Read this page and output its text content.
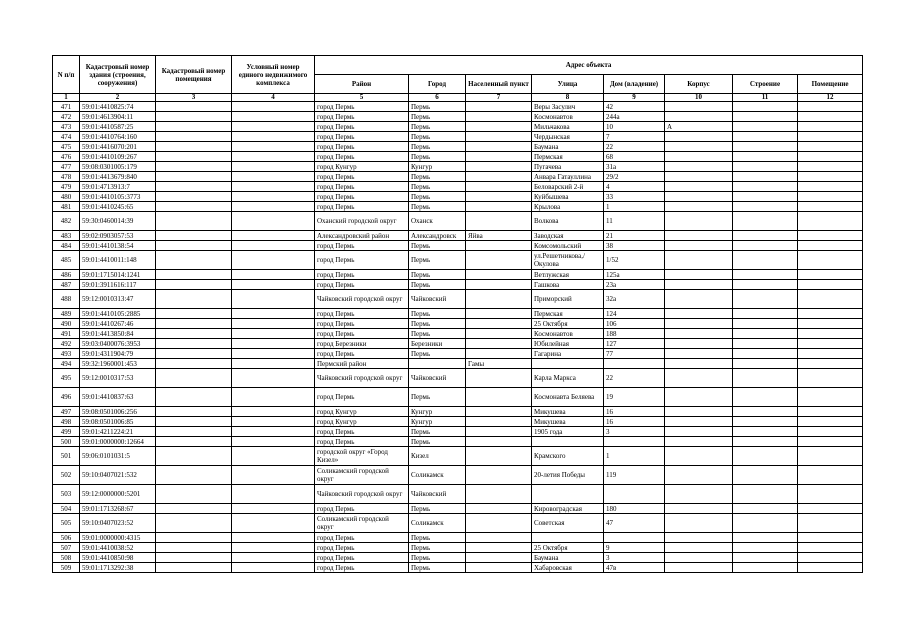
N п/п	Кадастровый номер здания (строения, сооружения)	Кадастровый номер помещения	Условный номер единого недвижимого комплекса	Адрес объекта							
				Район	Город	Населенный пункт	Улица	Дом (владение)	Корпус	Строение	Помещение
1	2	3	4	5	6	7	8	9	10	11	12
471	59:01:4410825:74			город Пермь	Пермь		Веры Засулич	42			
472	59:01:4613904:11			город Пермь	Пермь		Космонавтов	244а			
473	59:01:4410587:25			город Пермь	Пермь		Мильчакова	10	А		
474	59:01:4410764:160			город Пермь	Пермь		Чердынская	7			
475	59:01:4416070:201			город Пермь	Пермь		Баумана	22			
476	59:01:4410109:267			город Пермь	Пермь		Пермская	68			
477	59:08:0301005:179			город Кунгур	Кунгур		Пугачева	31а			
478	59:01:4413679:840			город Пермь	Пермь		Анвара Гатауллина	29/2			
479	59:01:4713913:7			город Пермь	Пермь		Беловарский 2-й	4			
480	59:01:4410105:3773			город Пермь	Пермь		Куйбышева	33			
481	59:01:4410245:65			город Пермь	Пермь		Крылова	1			
482	59:30:0460014:39			Оханский городской округ	Оханск		Волкова	11			
483	59:02:0903057:53			Александровский район	Александровск	Яйва	Заводская	21			
484	59:01:4410138:54			город Пермь	Пермь		Комсомольский	38			
485	59:01:4410011:148			город Пермь	Пермь		ул.Решетникова,/Окулова	1/52			
486	59:01:1715014:1241			город Пермь	Пермь		Ветлужская	125а			
487	59:01:3911616:117			город Пермь	Пермь		Гашкова	23а			
488	59:12:0010313:47			Чайковский городской округ	Чайковский		Приморский	32а			
489	59:01:4410105:2885			город Пермь	Пермь		Пермская	124			
490	59:01:4410267:46			город Пермь	Пермь		25 Октября	106			
491	59:01:4413850:84			город Пермь	Пермь		Космонавтов	188			
492	59:03:0400076:3953			город Березники	Березники		Юбилейная	127			
493	59:01:4311904:79			город Пермь	Пермь		Гагарина	77			
494	59:32:1960001:453			Пермский район		Гамы					
495	59:12:0010317:53			Чайковский городской округ	Чайковский		Карла Маркса	22			
496	59:01:4410837:63			город Пермь	Пермь		Космонавта Беляева	19			
497	59:08:0501006:256			город Кунгур	Кунгур		Микушева	16			
498	59:08:0501006:85			город Кунгур	Кунгур		Микушева	16			
499	59:01:4211224:21			город Пермь	Пермь		1905 года	3			
500	59:01:0000000:12664			город Пермь	Пермь						
501	59:06:0101031:5			городской округ «Город Кизел»	Кизел		Крамского	1			
502	59:10:0407021:532			Соликамский городской округ	Соликамск		20-летия Победы	119			
503	59:12:0000000:5201			Чайковский городской округ	Чайковский						
504	59:01:1713268:67			город Пермь	Пермь		Кировоградская	180			
505	59:10:0407023:52			Соликамский городской округ	Соликамск		Советская	47			
506	59:01:0000000:4315			город Пермь	Пермь						
507	59:01:4410038:52			город Пермь	Пермь		25 Октября	9			
508	59:01:4410850:98			город Пермь	Пермь		Баумана	3			
509	59:01:1713292:38			город Пермь	Пермь		Хабаровская	47в			
